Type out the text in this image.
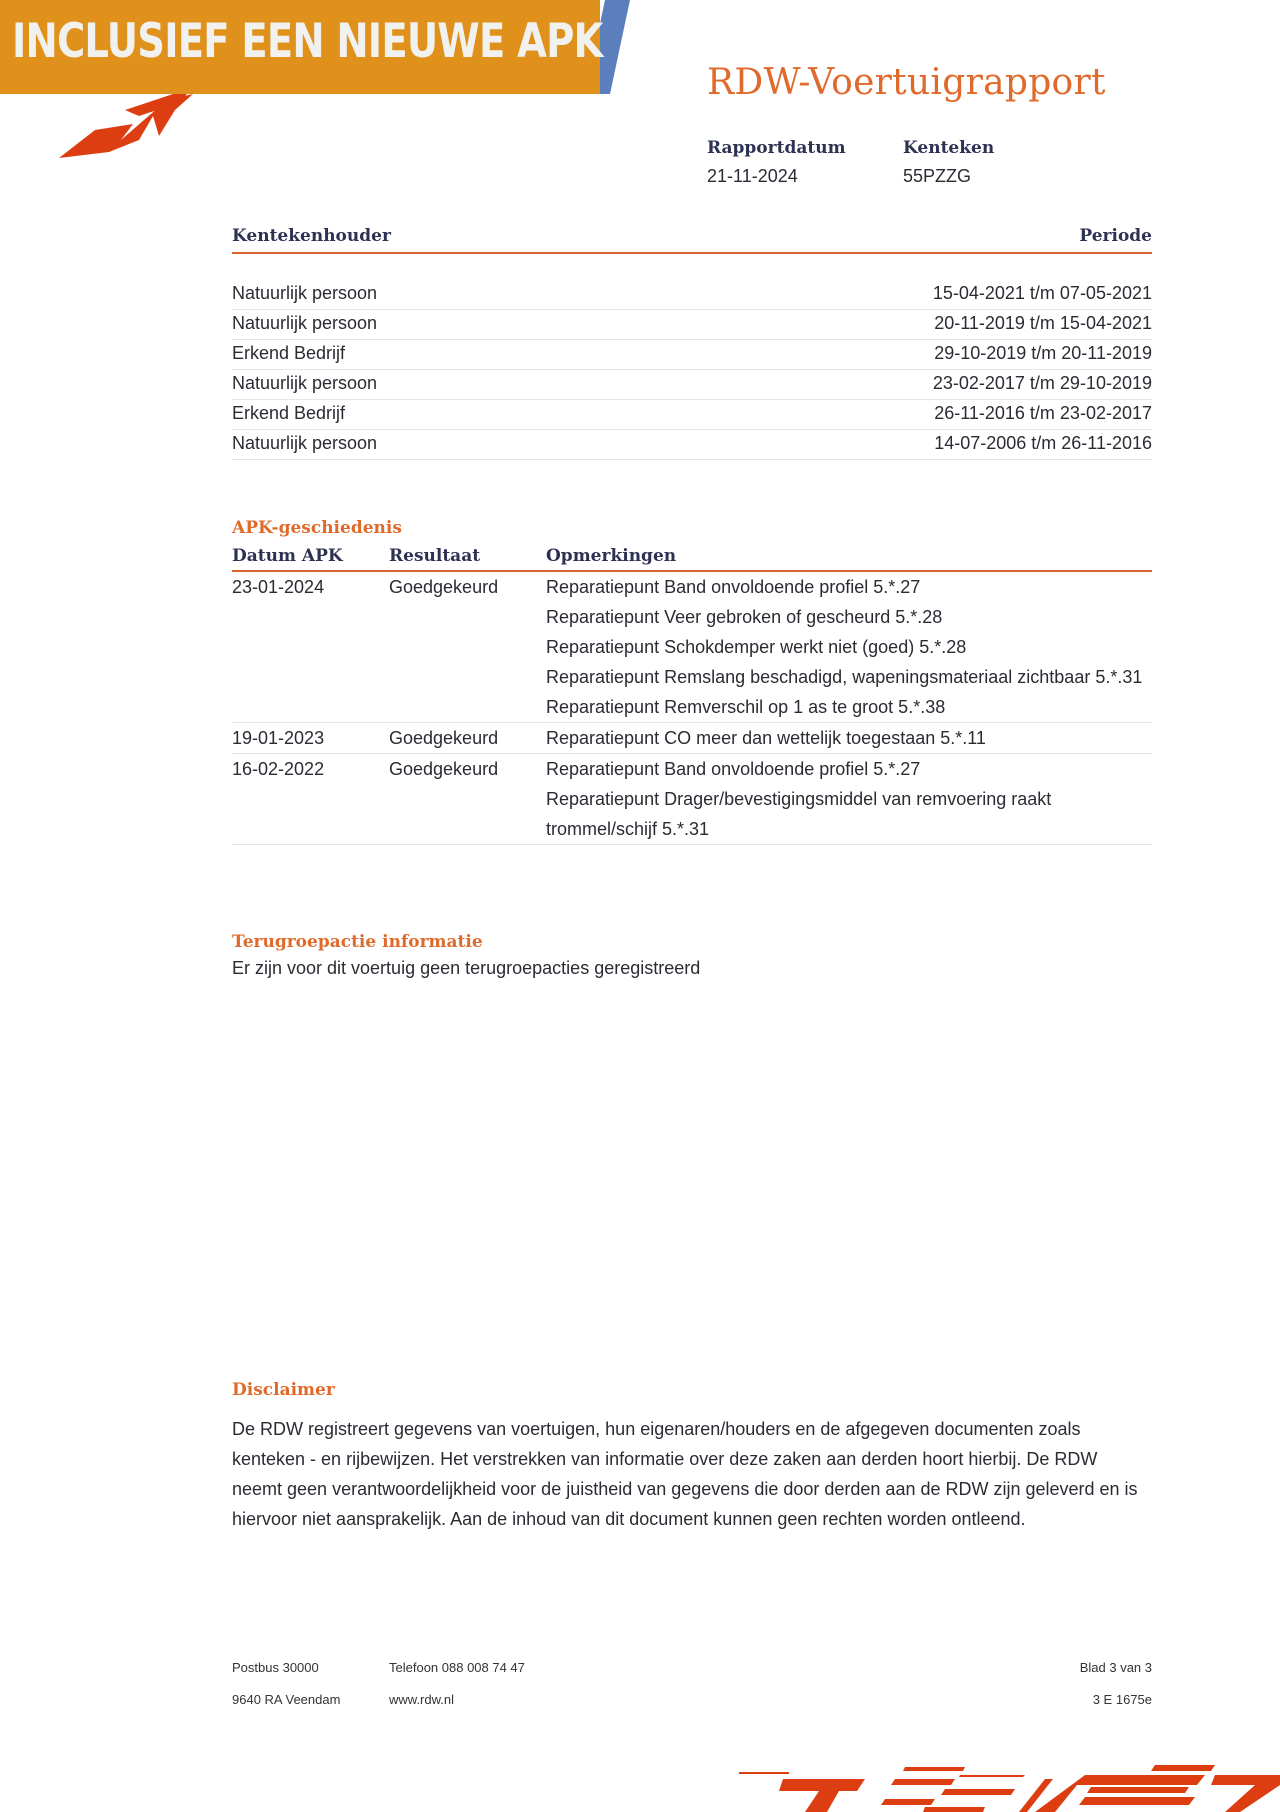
INCLUSIEF EEN NIEUWE APK
RDW-Voertuigrapport
Rapportdatum
21-11-2024
Kenteken
55PZZG
Kentekenhouder	Periode
Natuurlijk persoon	15-04-2021 t/m 07-05-2021
Natuurlijk persoon	20-11-2019 t/m 15-04-2021
Erkend Bedrijf	29-10-2019 t/m 20-11-2019
Natuurlijk persoon	23-02-2017 t/m 29-10-2019
Erkend Bedrijf	26-11-2016 t/m 23-02-2017
Natuurlijk persoon	14-07-2006 t/m 26-11-2016
APK-geschiedenis
Datum APK	Resultaat	Opmerkingen
23-01-2024	Goedgekeurd	Reparatiepunt Band onvoldoende profiel 5.*.27
Reparatiepunt Veer gebroken of gescheurd 5.*.28
Reparatiepunt Schokdemper werkt niet (goed) 5.*.28
Reparatiepunt Remslang beschadigd, wapeningsmateriaal zichtbaar 5.*.31
Reparatiepunt Remverschil op 1 as te groot 5.*.38
19-01-2023	Goedgekeurd	Reparatiepunt CO meer dan wettelijk toegestaan 5.*.11
16-02-2022	Goedgekeurd	Reparatiepunt Band onvoldoende profiel 5.*.27
Reparatiepunt Drager/bevestigingsmiddel van remvoering raakt trommel/schijf 5.*.31
Terugroepactie informatie
Er zijn voor dit voertuig geen terugroepacties geregistreerd
Disclaimer
De RDW registreert gegevens van voertuigen, hun eigenaren/houders en de afgegeven documenten zoals kenteken - en rijbewijzen. Het verstrekken van informatie over deze zaken aan derden hoort hierbij. De RDW neemt geen verantwoordelijkheid voor de juistheid van gegevens die door derden aan de RDW zijn geleverd en is hiervoor niet aansprakelijk. Aan de inhoud van dit document kunnen geen rechten worden ontleend.
Postbus 30000	Telefoon 088 008 74 47	Blad 3 van 3
9640 RA Veendam	www.rdw.nl	3 E 1675e
